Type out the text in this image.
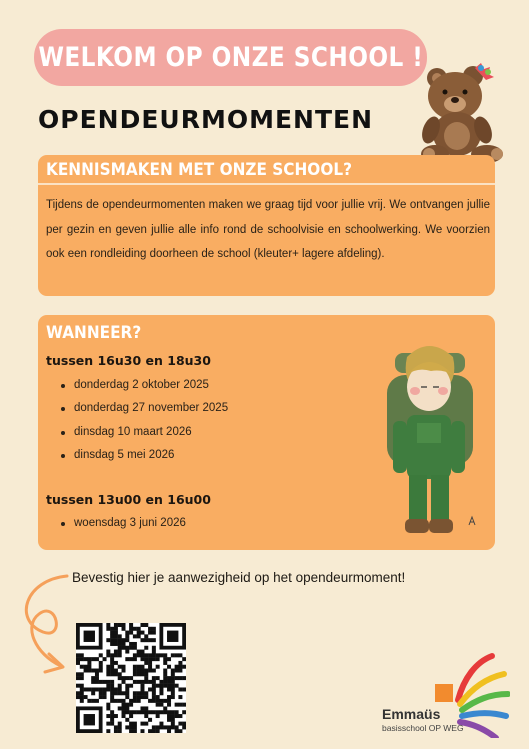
WELKOM OP ONZE SCHOOL !
OPENDEURMOMENTEN
KENNISMAKEN MET ONZE SCHOOL?
Tijdens de opendeurmomenten maken we graag tijd voor jullie vrij. We ontvangen jullie per gezin en geven jullie alle info rond de schoolvisie en schoolwerking. We voorzien ook een rondleiding doorheen de school (kleuter+ lagere afdeling).
WANNEER?
tussen 16u30 en 18u30
donderdag 2 oktober 2025
donderdag 27 november 2025
dinsdag 10 maart 2026
dinsdag 5 mei 2026
tussen 13u00 en 16u00
woensdag 3 juni 2026
Bevestig hier je aanwezigheid op het opendeurmoment!
Emmaüs
basisschool OP WEG
